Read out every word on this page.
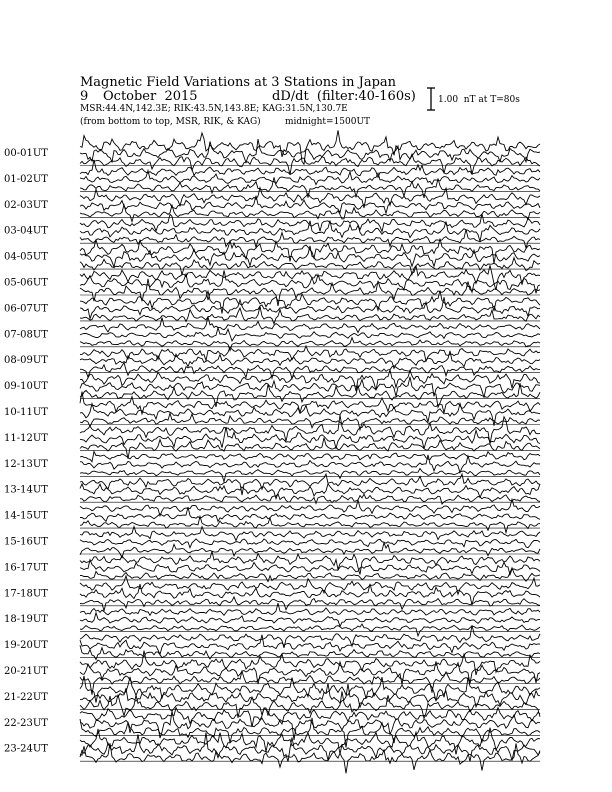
Magnetic Field Variations at 3 Stations in Japan
9 October  2015	dD/dt  (filter:40-160s)
MSR:44.4N,142.3E; RIK:43.5N,143.8E; KAG:31.5N,130.7E
(from bottom to top, MSR, RIK, & KAG)	midnight=1500UT
1.00  nT at T=80s
00-01UT
01-02UT
02-03UT
03-04UT
04-05UT
05-06UT
06-07UT
07-08UT
08-09UT
09-10UT
10-11UT
11-12UT
12-13UT
13-14UT
14-15UT
15-16UT
16-17UT
17-18UT
18-19UT
19-20UT
20-21UT
21-22UT
22-23UT
23-24UT
